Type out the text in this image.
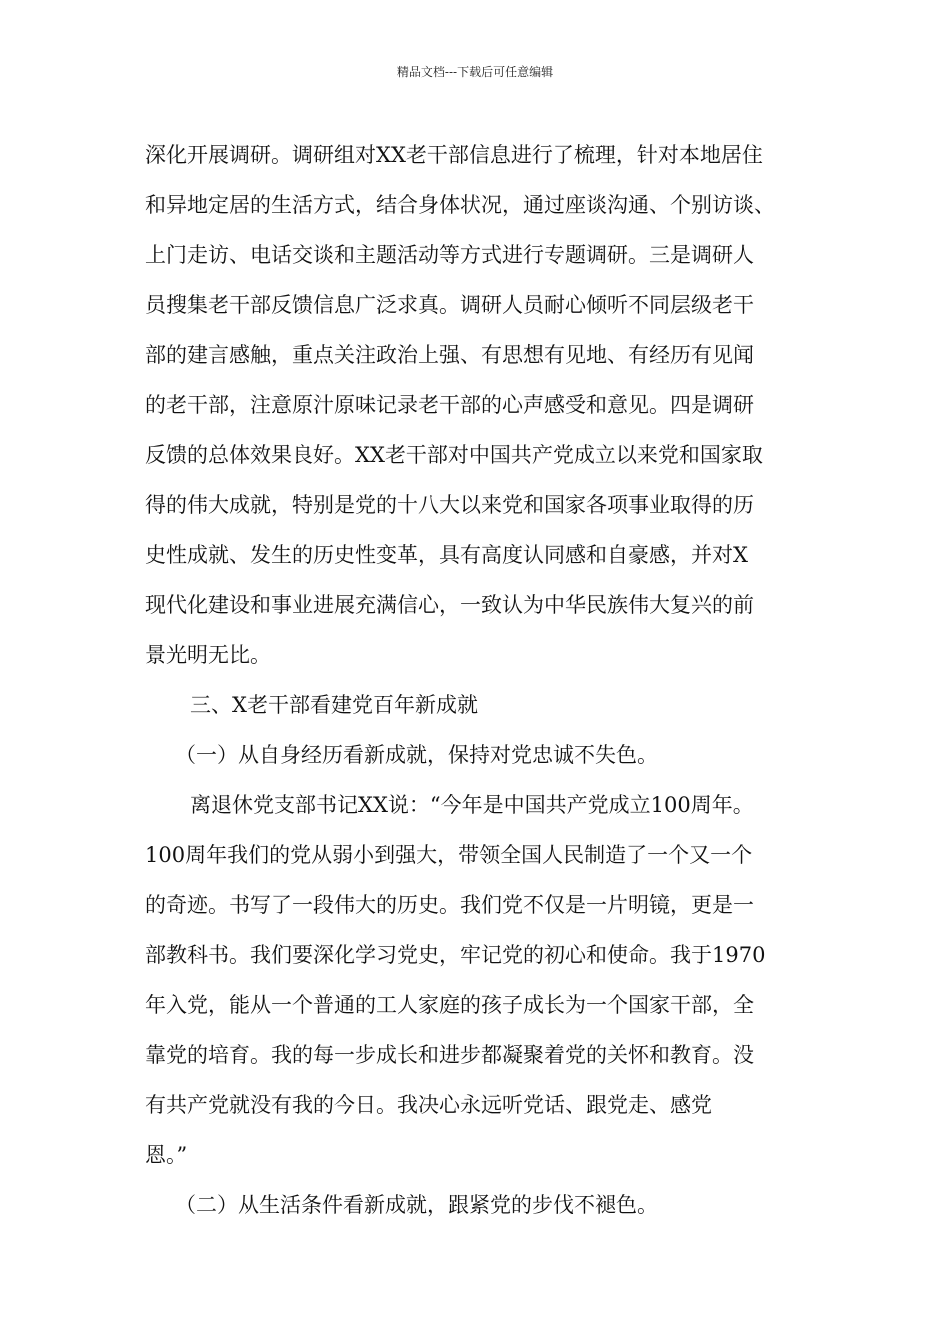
精品文档---下载后可任意编辑
深化开展调研。调研组对XX老干部信息进行了梳理，针对本地居住
和异地定居的生活方式，结合身体状况，通过座谈沟通、个别访谈、
上门走访、电话交谈和主题活动等方式进行专题调研。三是调研人
员搜集老干部反馈信息广泛求真。调研人员耐心倾听不同层级老干
部的建言感触，重点关注政治上强、有思想有见地、有经历有见闻
的老干部，注意原汁原味记录老干部的心声感受和意见。四是调研
反馈的总体效果良好。XX老干部对中国共产党成立以来党和国家取
得的伟大成就，特别是党的十八大以来党和国家各项事业取得的历
史性成就、发生的历史性变革，具有高度认同感和自豪感，并对X
现代化建设和事业进展充满信心，一致认为中华民族伟大复兴的前
景光明无比。
三、X老干部看建党百年新成就
（一）从自身经历看新成就，保持对党忠诚不失色。
离退休党支部书记XX说：“今年是中国共产党成立100周年。
100周年我们的党从弱小到强大，带领全国人民制造了一个又一个
的奇迹。书写了一段伟大的历史。我们党不仅是一片明镜，更是一
部教科书。我们要深化学习党史，牢记党的初心和使命。我于1970
年入党，能从一个普通的工人家庭的孩子成长为一个国家干部，全
靠党的培育。我的每一步成长和进步都凝聚着党的关怀和教育。没
有共产党就没有我的今日。我决心永远听党话、跟党走、感党
恩。”
（二）从生活条件看新成就，跟紧党的步伐不褪色。
